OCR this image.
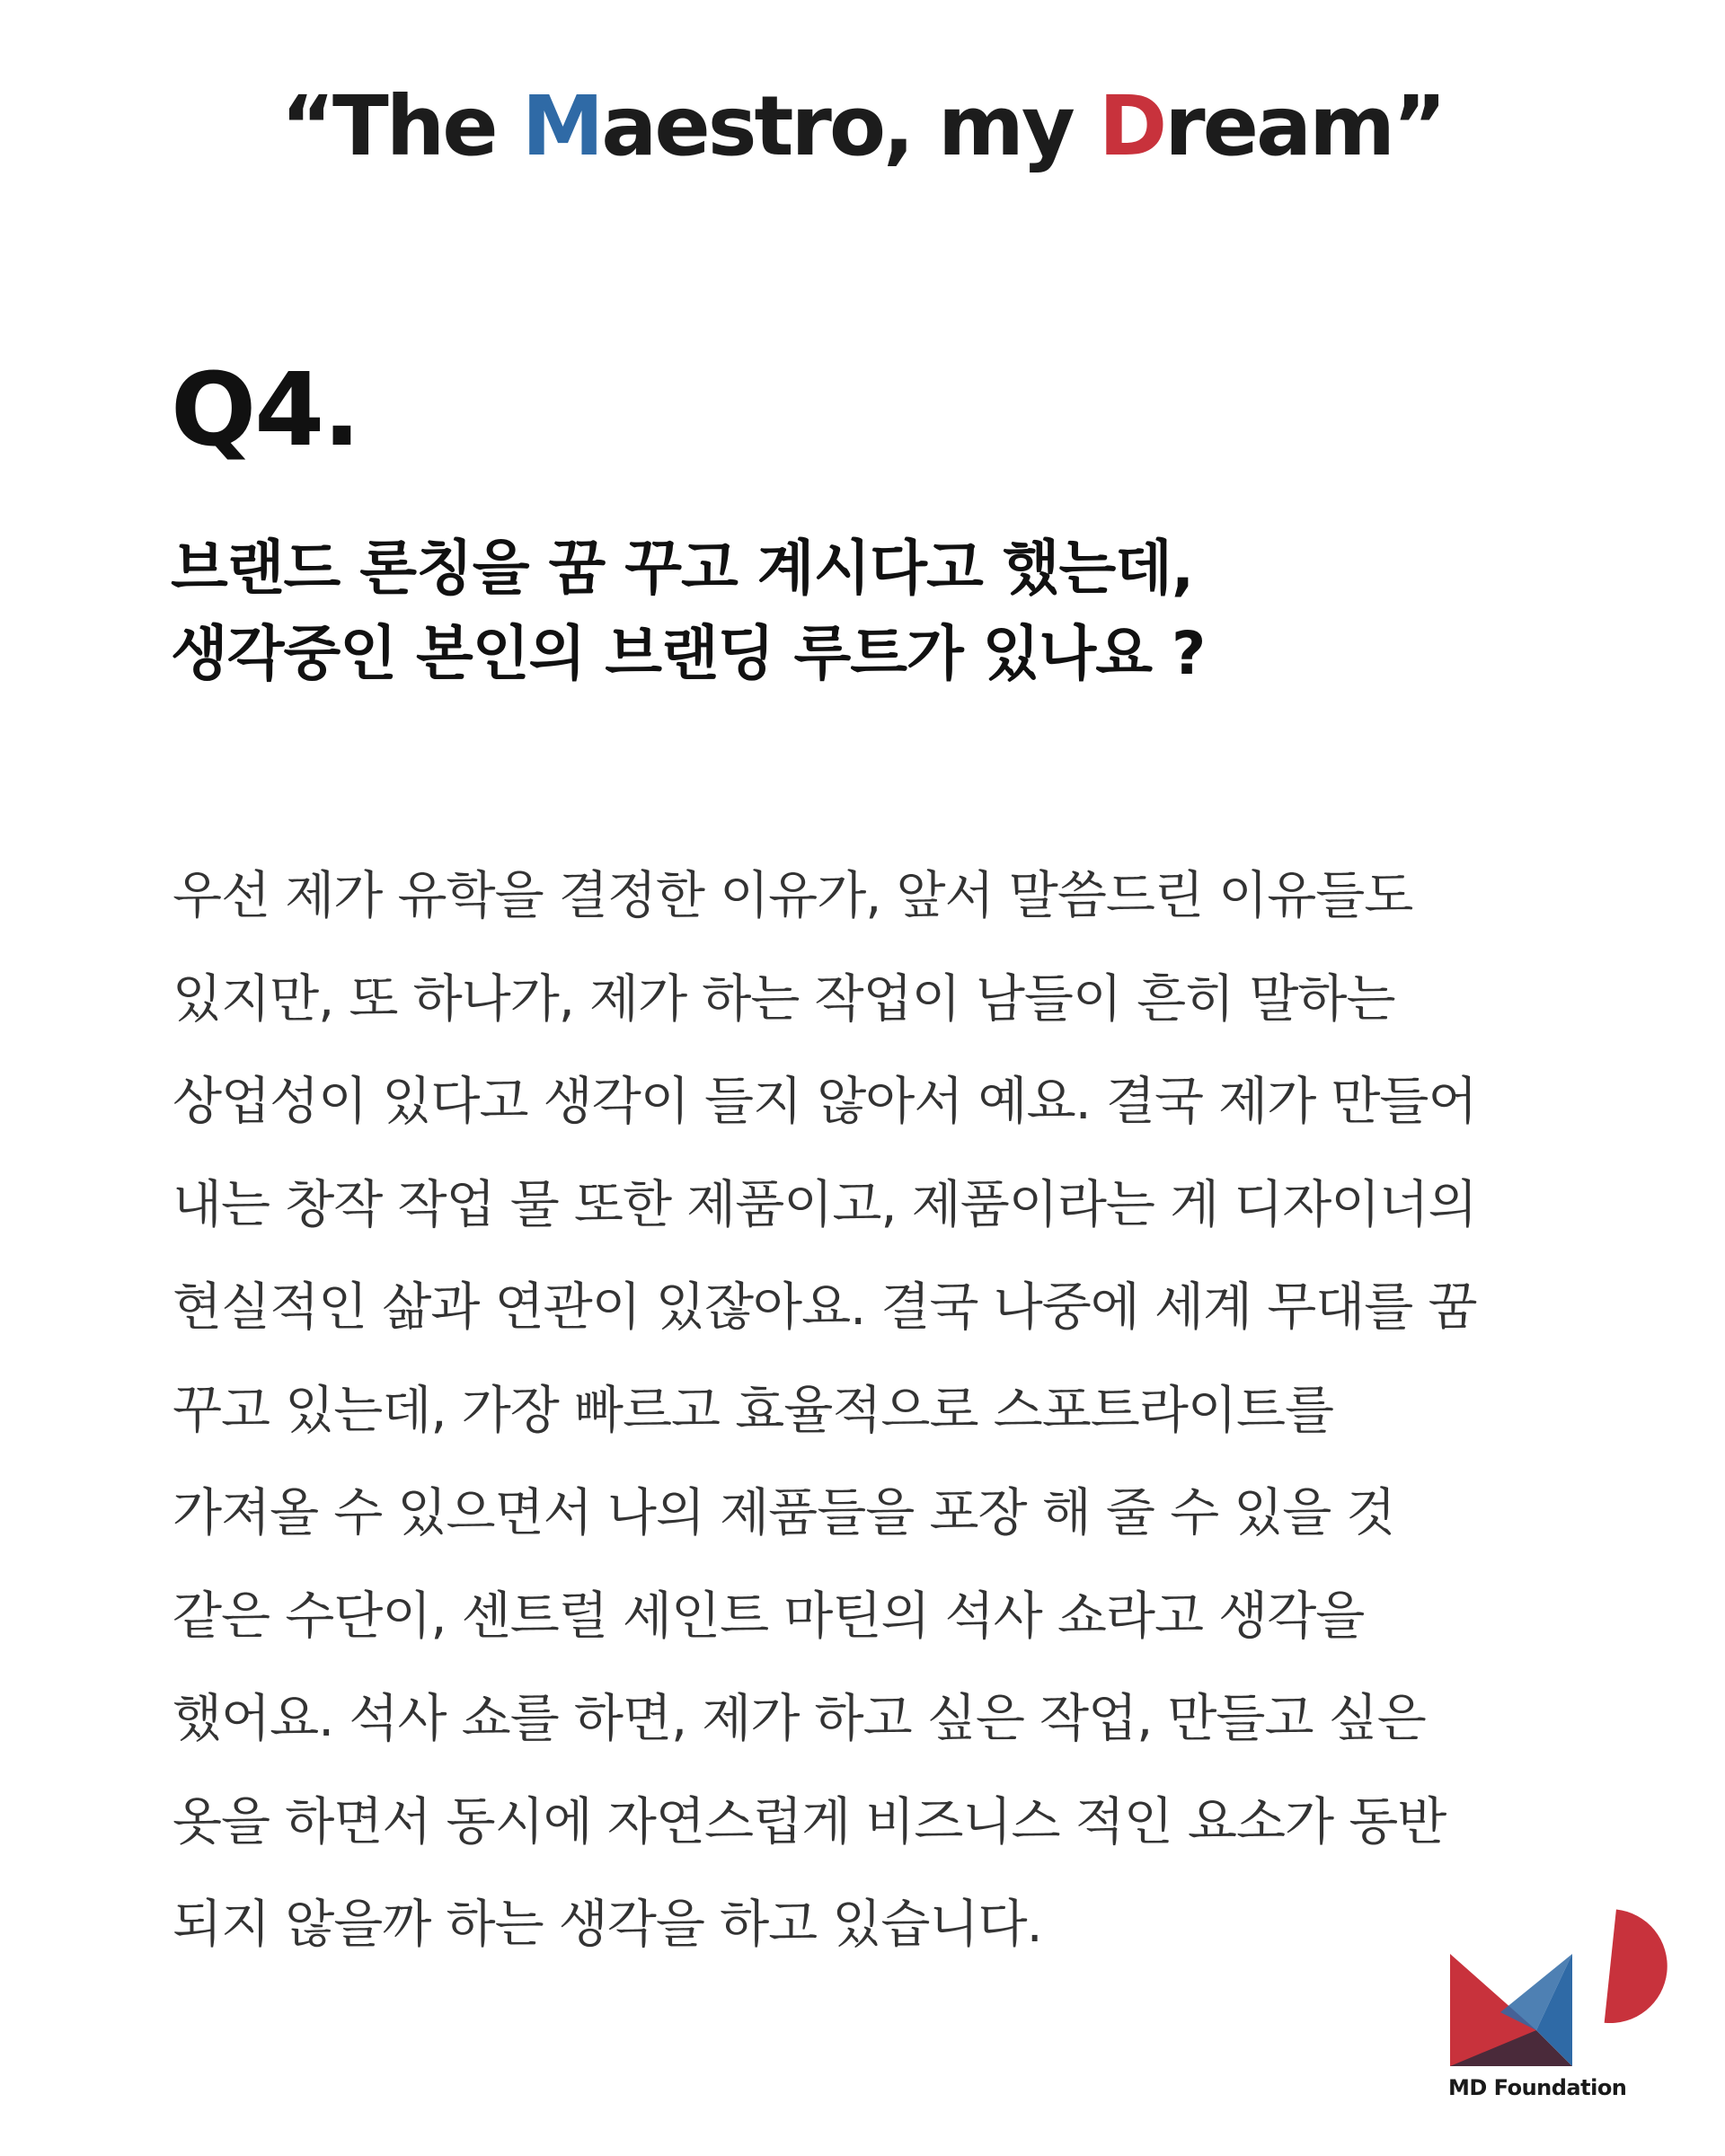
“The Maestro, my Dream”
Q4.
브랜드 론칭을 꿈 꾸고 계시다고 했는데,
생각중인 본인의 브랜딩 루트가 있나요 ?
우선 제가 유학을 결정한 이유가, 앞서 말씀드린 이유들도
있지만, 또 하나가, 제가 하는 작업이 남들이 흔히 말하는
상업성이 있다고 생각이 들지 않아서 예요. 결국 제가 만들어
내는 창작 작업 물 또한 제품이고, 제품이라는 게 디자이너의
현실적인 삶과 연관이 있잖아요. 결국 나중에 세계 무대를 꿈
꾸고 있는데, 가장 빠르고 효율적으로 스포트라이트를
가져올 수 있으면서 나의 제품들을 포장 해 줄 수 있을 것
같은 수단이, 센트럴 세인트 마틴의 석사 쇼라고 생각을
했어요. 석사 쇼를 하면, 제가 하고 싶은 작업, 만들고 싶은
옷을 하면서 동시에 자연스럽게 비즈니스 적인 요소가 동반
되지 않을까 하는 생각을 하고 있습니다.
MD Foundation
